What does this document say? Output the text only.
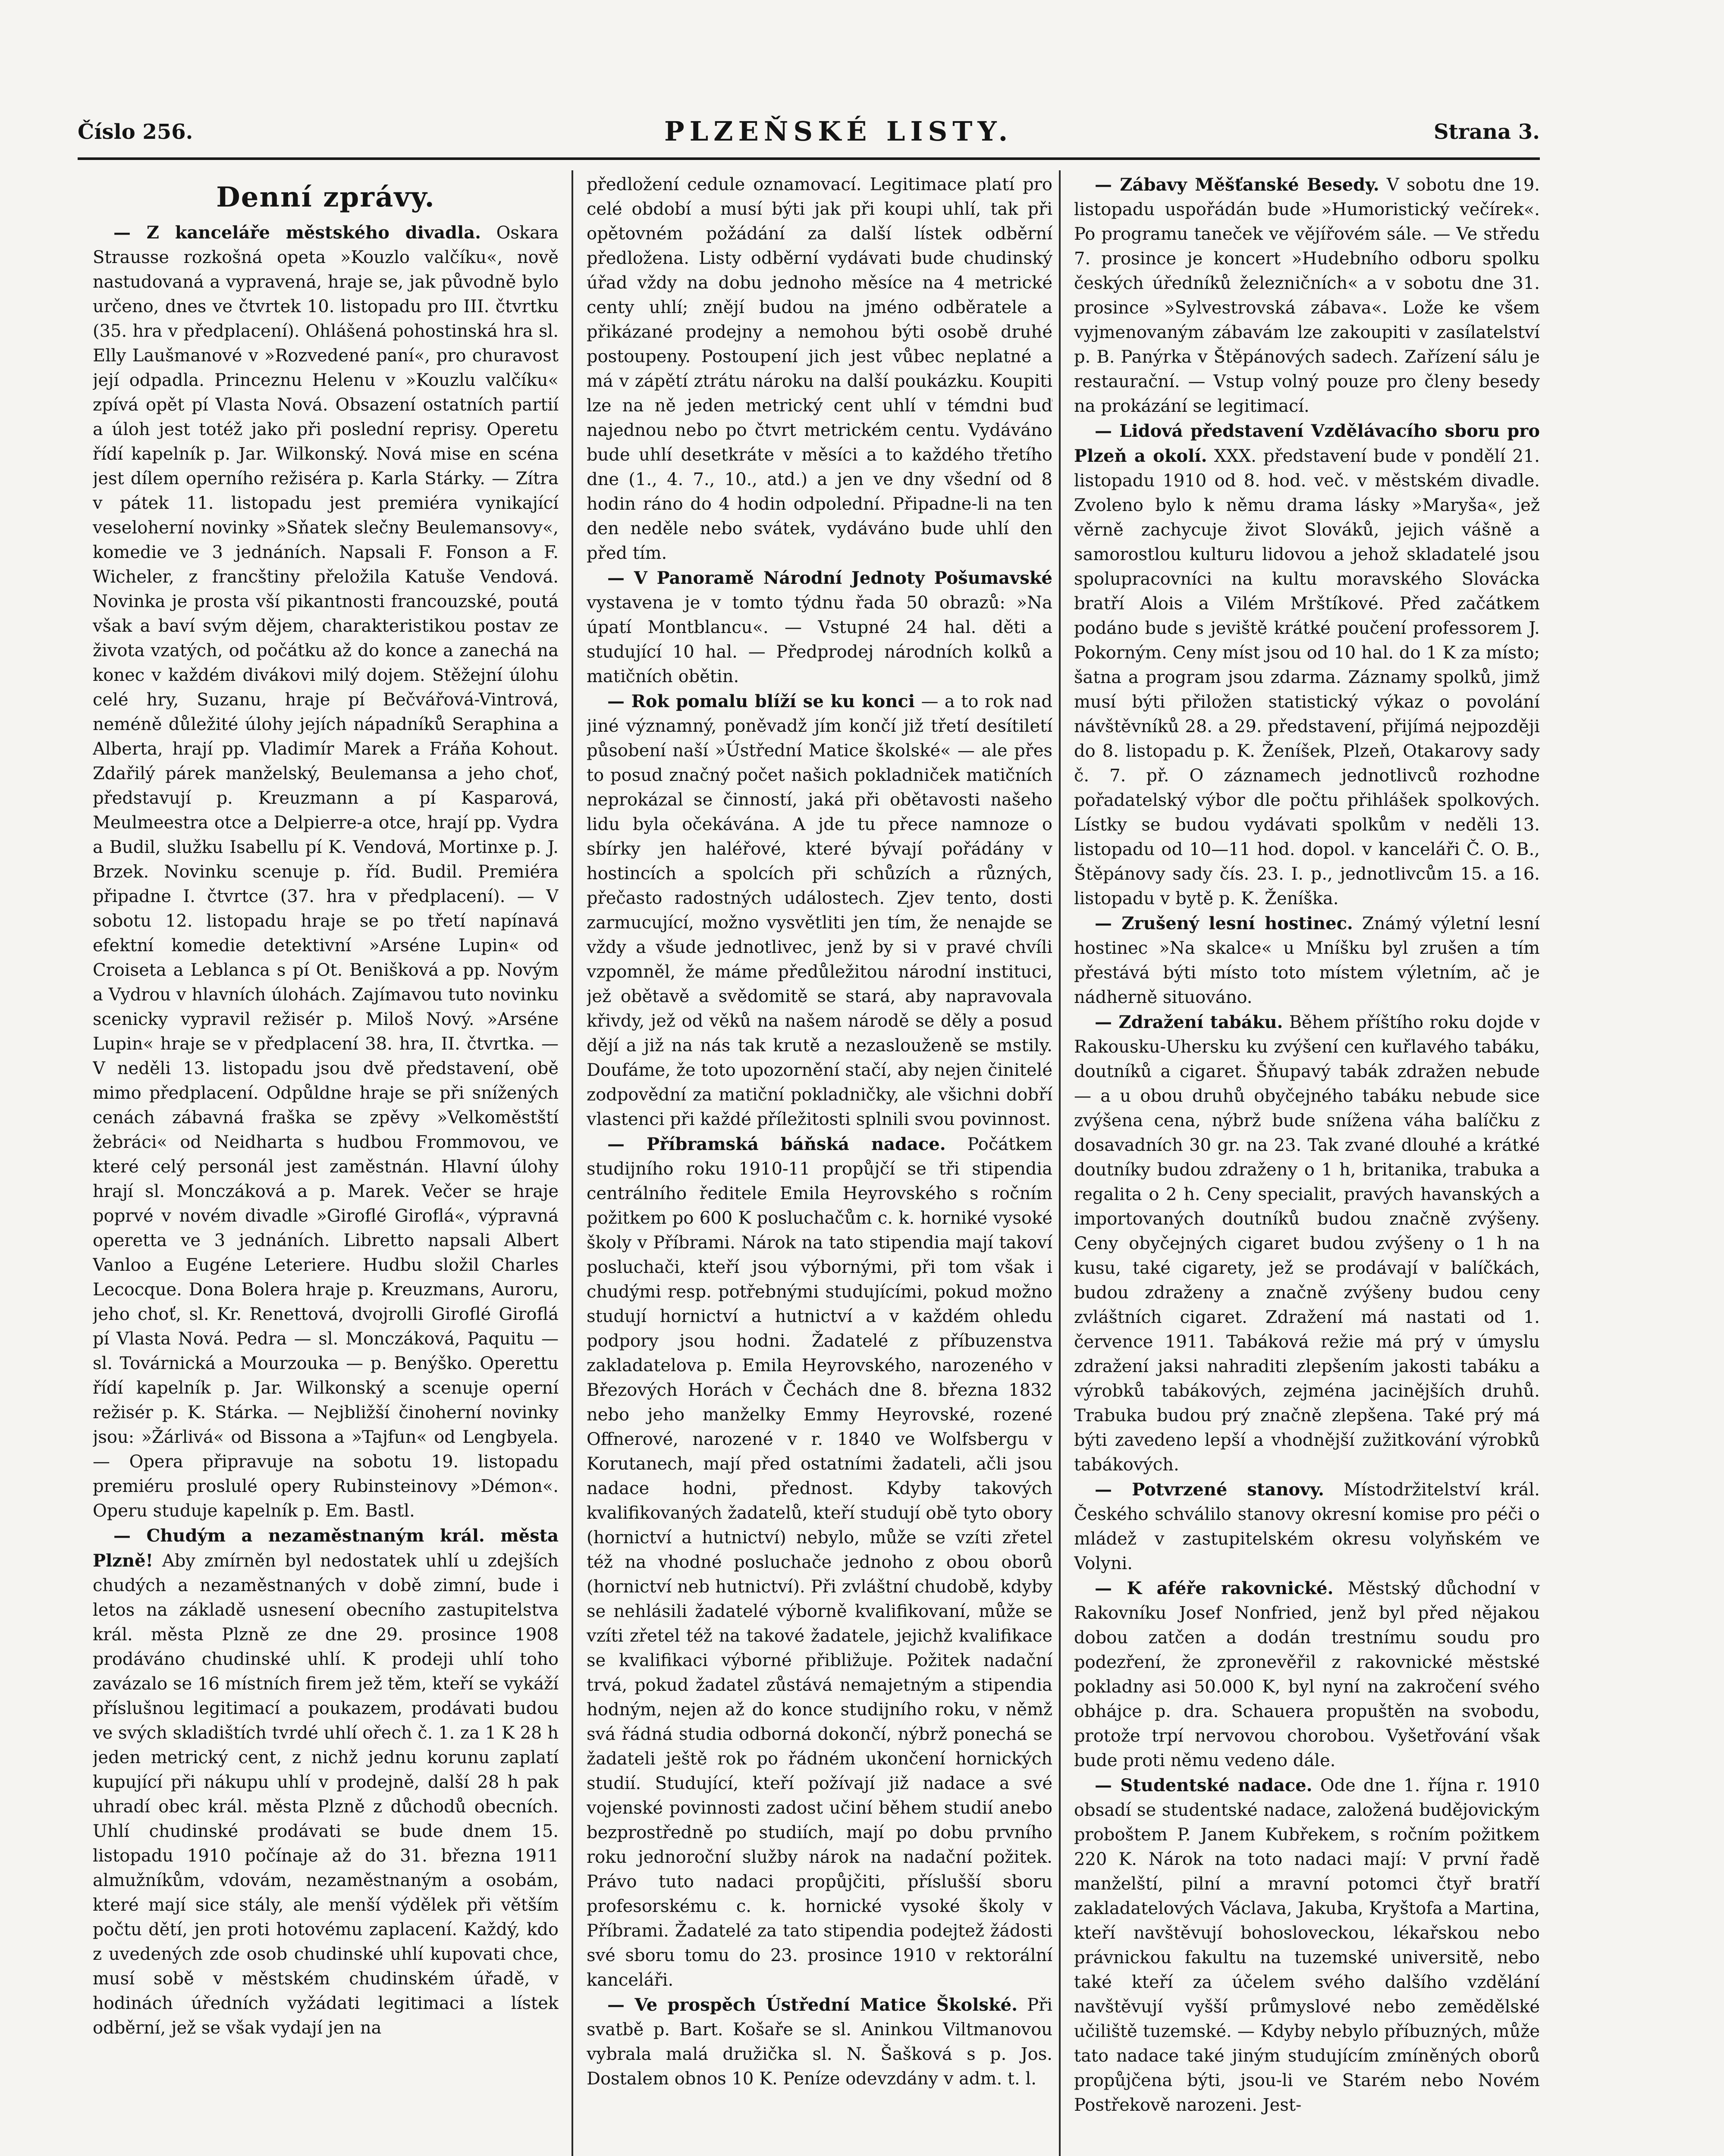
Číslo 256.	PLZEŇSKÉ LISTY.	Strana 3.
Denní zprávy.

— Z kanceláře městského divadla. Oskara Strausse rozkošná opeta »Kouzlo valčíku«, nově nastudovaná a vypravená, hraje se, jak původně bylo určeno, dnes ve čtvrtek 10. listopadu pro III. čtvrtku (35. hra v předplacení). Ohlášená pohostinská hra sl. Elly Laušmanové v »Rozvedené paní«, pro churavost její odpadla. Princeznu Helenu v »Kouzlu valčíku« zpívá opět pí Vlasta Nová. Obsazení ostatních partií a úloh jest totéž jako při poslední reprisy. Operetu řídí kapelník p. Jar. Wilkonský. Nová mise en scéna jest dílem operního režiséra p. Karla Stárky. — Zítra v pátek 11. listopadu jest premiéra vynikající veseloherní novinky »Sňatek slečny Beulemansovy«, komedie ve 3 jednáních. Napsali F. Fonson a F. Wicheler, z francštiny přeložila Katuše Vendová. Novinka je prosta vší pikantnosti francouzské, poutá však a baví svým dějem, charakteristikou postav ze života vzatých, od počátku až do konce a zanechá na konec v každém divákovi milý dojem. Stěžejní úlohu celé hry, Suzanu, hraje pí Bečvářová-Vintrová, neméně důležité úlohy jejích nápadníků Seraphina a Alberta, hrají pp. Vladimír Marek a Fráňa Kohout. Zdařilý párek manželský, Beulemansa a jeho choť, představují p. Kreuzmann a pí Kasparová, Meulmeestra otce a Delpierre-a otce, hrají pp. Vydra a Budil, služku Isabellu pí K. Vendová, Mortinxe p. J. Brzek. Novinku scenuje p. říd. Budil. Premiéra připadne I. čtvrtce (37. hra v předplacení). — V sobotu 12. listopadu hraje se po třetí napínavá efektní komedie detektivní »Arséne Lupin« od Croiseta a Leblanca s pí Ot. Benišková a pp. Novým a Vydrou v hlavních úlohách. Zajímavou tuto novinku scenicky vypravil režisér p. Miloš Nový. »Arséne Lupin« hraje se v předplacení 38. hra, II. čtvrtka. — V neděli 13. listopadu jsou dvě představení, obě mimo předplacení. Odpůldne hraje se při snížených cenách zábavná fraška se zpěvy »Velkoměstští žebráci« od Neidharta s hudbou Frommovou, ve které celý personál jest zaměstnán. Hlavní úlohy hrají sl. Monczáková a p. Marek. Večer se hraje poprvé v novém divadle »Giroflé Giroflá«, výpravná operetta ve 3 jednáních. Libretto napsali Albert Vanloo a Eugéne Leteriere. Hudbu složil Charles Lecocque. Dona Bolera hraje p. Kreuzmans, Auroru, jeho choť, sl. Kr. Renettová, dvojrolli Giroflé Giroflá pí Vlasta Nová. Pedra — sl. Monczáková, Paquitu — sl. Továrnická a Mourzouka — p. Benýško. Operettu řídí kapelník p. Jar. Wilkonský a scenuje operní režisér p. K. Stárka. — Nejbližší činoherní novinky jsou: »Žárlivá« od Bissona a »Tajfun« od Lengbyela. — Opera připravuje na sobotu 19. listopadu premiéru proslulé opery Rubinsteinovy »Démon«. Operu studuje kapelník p. Em. Bastl.

— Chudým a nezaměstnaným král. města Plzně! Aby zmírněn byl nedostatek uhlí u zdejších chudých a nezaměstnaných v době zimní, bude i letos na základě usnesení obecního zastupitelstva král. města Plzně ze dne 29. prosince 1908 prodáváno chudinské uhlí. K prodeji uhlí toho zavázalo se 16 místních firem jež těm, kteří se vykáží příslušnou legitimací a poukazem, prodávati budou ve svých skladištích tvrdé uhlí ořech č. 1. za 1 K 28 h jeden metrický cent, z nichž jednu korunu zaplatí kupující při nákupu uhlí v prodejně, další 28 h pak uhradí obec král. města Plzně z důchodů obecních. Uhlí chudinské prodávati se bude dnem 15. listopadu 1910 počínaje až do 31. března 1911 almužníkům, vdovám, nezaměstnaným a osobám, které mají sice stály, ale menší výdělek při větším počtu dětí, jen proti hotovému zaplacení. Každý, kdo z uvedených zde osob chudinské uhlí kupovati chce, musí sobě v městském chudinském úřadě, v hodinách úředních vyžádati legitimaci a lístek odběrní, jež se však vydají jen na

předložení cedule oznamovací. Legitimace platí pro celé období a musí býti jak při koupi uhlí, tak při opětovném požádání za další lístek odběrní předložena. Listy odběrní vydávati bude chudinský úřad vždy na dobu jednoho měsíce na 4 metrické centy uhlí; znějí budou na jméno odběratele a přikázané prodejny a nemohou býti osobě druhé postoupeny. Postoupení jich jest vůbec neplatné a má v zápětí ztrátu nároku na další poukázku. Koupiti lze na ně jeden metrický cent uhlí v témdni buď najednou nebo po čtvrt metrickém centu. Vydáváno bude uhlí desetkráte v měsíci a to každého třetího dne (1., 4. 7., 10., atd.) a jen ve dny všední od 8 hodin ráno do 4 hodin odpolední. Připadne-li na ten den neděle nebo svátek, vydáváno bude uhlí den před tím.

— V Panoramě Národní Jednoty Pošumavské vystavena je v tomto týdnu řada 50 obrazů: »Na úpatí Montblancu«. — Vstupné 24 hal. děti a studující 10 hal. — Předprodej národních kolků a matičních obětin.

— Rok pomalu blíží se ku konci — a to rok nad jiné významný, poněvadž jím končí již třetí desítiletí působení naší »Ústřední Matice školské« — ale přes to posud značný počet našich pokladniček matičních neprokázal se činností, jaká při obětavosti našeho lidu byla očekávána. A jde tu přece namnoze o sbírky jen haléřové, které bývají pořádány v hostincích a spolcích při schůzích a různých, přečasto radostných událostech. Zjev tento, dosti zarmucující, možno vysvětliti jen tím, že nenajde se vždy a všude jednotlivec, jenž by si v pravé chvíli vzpomněl, že máme předůležitou národní instituci, jež obětavě a svědomitě se stará, aby napravovala křivdy, jež od věků na našem národě se děly a posud dějí a již na nás tak krutě a nezaslouženě se mstily. Doufáme, že toto upozornění stačí, aby nejen činitelé zodpovědní za matiční pokladničky, ale všichni dobří vlastenci při každé příležitosti splnili svou povinnost.

— Příbramská báňská nadace. Počátkem studijního roku 1910-11 propůjčí se tři stipendia centrálního ředitele Emila Heyrovského s ročním požitkem po 600 K posluchačům c. k. horniké vysoké školy v Příbrami. Nárok na tato stipendia mají takoví posluchači, kteří jsou výbornými, při tom však i chudými resp. potřebnými studujícími, pokud možno studují hornictví a hutnictví a v každém ohledu podpory jsou hodni. Žadatelé z příbuzenstva zakladatelova p. Emila Heyrovského, narozeného v Březových Horách v Čechách dne 8. března 1832 nebo jeho manželky Emmy Heyrovské, rozené Offnerové, narozené v r. 1840 ve Wolfsbergu v Korutanech, mají před ostatními žadateli, ačli jsou nadace hodni, přednost. Kdyby takových kvalifikovaných žadatelů, kteří studují obě tyto obory (hornictví a hutnictví) nebylo, může se vzíti zřetel též na vhodné posluchače jednoho z obou oborů (hornictví neb hutnictví). Při zvláštní chudobě, kdyby se nehlásili žadatelé výborně kvalifikovaní, může se vzíti zřetel též na takové žadatele, jejichž kvalifikace se kvalifikaci výborné přibližuje. Požitek nadační trvá, pokud žadatel zůstává nemajetným a stipendia hodným, nejen až do konce studijního roku, v němž svá řádná studia odborná dokončí, nýbrž ponechá se žadateli ještě rok po řádném ukončení hornických studií. Studující, kteří požívají již nadace a své vojenské povinnosti zadost učiní během studií anebo bezprostředně po studiích, mají po dobu prvního roku jednoroční služby nárok na nadační požitek. Právo tuto nadaci propůjčiti, příslušší sboru profesorskému c. k. hornické vysoké školy v Příbrami. Žadatelé za tato stipendia podejtež žádosti své sboru tomu do 23. prosince 1910 v rektorální kanceláři.

— Ve prospěch Ústřední Matice Školské. Při svatbě p. Bart. Košaře se sl. Aninkou Viltmanovou vybrala malá družička sl. N. Šašková s p. Jos. Dostalem obnos 10 K. Peníze odevzdány v adm. t. l.

— Zábavy Měšťanské Besedy. V sobotu dne 19. listopadu uspořádán bude »Humoristický večírek«. Po programu taneček ve vějířovém sále. — Ve středu 7. prosince je koncert »Hudebního odboru spolku českých úředníků železničních« a v sobotu dne 31. prosince »Sylvestrovská zábava«. Lože ke všem vyjmenovaným zábavám lze zakoupiti v zasílatelství p. B. Panýrka v Štěpánových sadech. Zařízení sálu je restaurační. — Vstup volný pouze pro členy besedy na prokázání se legitimací.

— Lidová představení Vzdělávacího sboru pro Plzeň a okolí. XXX. představení bude v pondělí 21. listopadu 1910 od 8. hod. več. v městském divadle. Zvoleno bylo k němu drama lásky »Maryša«, jež věrně zachycuje život Slováků, jejich vášně a samorostlou kulturu lidovou a jehož skladatelé jsou spolupracovníci na kultu moravského Slovácka bratří Alois a Vilém Mrštíkové. Před začátkem podáno bude s jeviště krátké poučení professorem J. Pokorným. Ceny míst jsou od 10 hal. do 1 K za místo; šatna a program jsou zdarma. Záznamy spolků, jimž musí býti přiložen statistický výkaz o povolání návštěvníků 28. a 29. představení, přijímá nejpozději do 8. listopadu p. K. Ženíšek, Plzeň, Otakarovy sady č. 7. př. O záznamech jednotlivců rozhodne pořadatelský výbor dle počtu přihlášek spolkových. Lístky se budou vydávati spolkům v neděli 13. listopadu od 10—11 hod. dopol. v kanceláři Č. O. B., Štěpánovy sady čís. 23. I. p., jednotlivcům 15. a 16. listopadu v bytě p. K. Ženíška.

— Zrušený lesní hostinec. Známý výletní lesní hostinec »Na skalce« u Mníšku byl zrušen a tím přestává býti místo toto místem výletním, ač je nádherně situováno.

— Zdražení tabáku. Během příštího roku dojde v Rakousku-Uhersku ku zvýšení cen kuřlavého tabáku, doutníků a cigaret. Šňupavý tabák zdražen nebude — a u obou druhů obyčejného tabáku nebude sice zvýšena cena, nýbrž bude snížena váha balíčku z dosavadních 30 gr. na 23. Tak zvané dlouhé a krátké doutníky budou zdraženy o 1 h, britanika, trabuka a regalita o 2 h. Ceny specialit, pravých havanských a importovaných doutníků budou značně zvýšeny. Ceny obyčejných cigaret budou zvýšeny o 1 h na kusu, také cigarety, jež se prodávají v balíčkách, budou zdraženy a značně zvýšeny budou ceny zvláštních cigaret. Zdražení má nastati od 1. července 1911. Tabáková režie má prý v úmyslu zdražení jaksi nahraditi zlepšením jakosti tabáku a výrobků tabákových, zejména jacinějších druhů. Trabuka budou prý značně zlepšena. Také prý má býti zavedeno lepší a vhodnější zužitkování výrobků tabákových.

— Potvrzené stanovy. Místodržitelství král. Českého schválilo stanovy okresní komise pro péči o mládež v zastupitelském okresu volyňském ve Volyni.

— K aféře rakovnické. Městský důchodní v Rakovníku Josef Nonfried, jenž byl před nějakou dobou zatčen a dodán trestnímu soudu pro podezření, že zpronevěřil z rakovnické městské pokladny asi 50.000 K, byl nyní na zakročení svého obhájce p. dra. Schauera propuštěn na svobodu, protože trpí nervovou chorobou. Vyšetřování však bude proti němu vedeno dále.

— Studentské nadace. Ode dne 1. října r. 1910 obsadí se studentské nadace, založená budějovickým proboštem P. Janem Kubřekem, s ročním požitkem 220 K. Nárok na toto nadaci mají: V první řadě manželští, pilní a mravní potomci čtyř bratří zakladatelových Václava, Jakuba, Kryštofa a Martina, kteří navštěvují bohosloveckou, lékařskou nebo právnickou fakultu na tuzemské universitě, nebo také kteří za účelem svého dalšího vzdělání navštěvují vyšší průmyslové nebo zemědělské učiliště tuzemské. — Kdyby nebylo příbuzných, může tato nadace také jiným studujícím zmíněných oborů propůjčena býti, jsou-li ve Starém nebo Novém Postřekově narozeni. Jest-
